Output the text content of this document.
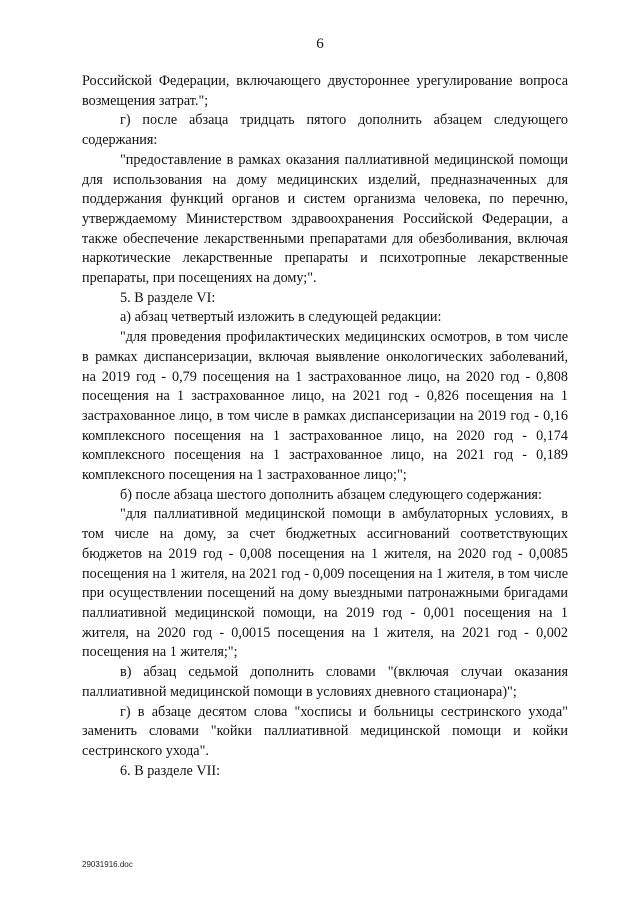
6

Российской Федерации, включающего двустороннее урегулирование вопроса возмещения затрат.";

г) после абзаца тридцать пятого дополнить абзацем следующего содержания:

"предоставление в рамках оказания паллиативной медицинской помощи для использования на дому медицинских изделий, предназначенных для поддержания функций органов и систем организма человека, по перечню, утверждаемому Министерством здравоохранения Российской Федерации, а также обеспечение лекарственными препаратами для обезболивания, включая наркотические лекарственные препараты и психотропные лекарственные препараты, при посещениях на дому;".

5. В разделе VI:

а) абзац четвертый изложить в следующей редакции:

"для проведения профилактических медицинских осмотров, в том числе в рамках диспансеризации, включая выявление онкологических заболеваний, на 2019 год - 0,79 посещения на 1 застрахованное лицо, на 2020 год - 0,808 посещения на 1 застрахованное лицо, на 2021 год - 0,826 посещения на 1 застрахованное лицо, в том числе в рамках диспансеризации на 2019 год - 0,16 комплексного посещения на 1 застрахованное лицо, на 2020 год - 0,174 комплексного посещения на 1 застрахованное лицо, на 2021 год - 0,189 комплексного посещения на 1 застрахованное лицо;";

б) после абзаца шестого дополнить абзацем следующего содержания:

"для паллиативной медицинской помощи в амбулаторных условиях, в том числе на дому, за счет бюджетных ассигнований соответствующих бюджетов на 2019 год - 0,008 посещения на 1 жителя, на 2020 год - 0,0085 посещения на 1 жителя, на 2021 год - 0,009 посещения на 1 жителя, в том числе при осуществлении посещений на дому выездными патронажными бригадами паллиативной медицинской помощи, на 2019 год - 0,001 посещения на 1 жителя, на 2020 год - 0,0015 посещения на 1 жителя, на 2021 год - 0,002 посещения на 1 жителя;";

в) абзац седьмой дополнить словами "(включая случаи оказания паллиативной медицинской помощи в условиях дневного стационара)";

г) в абзаце десятом слова "хосписы и больницы сестринского ухода" заменить словами "койки паллиативной медицинской помощи и койки сестринского ухода".

6. В разделе VII:

29031916.doc
